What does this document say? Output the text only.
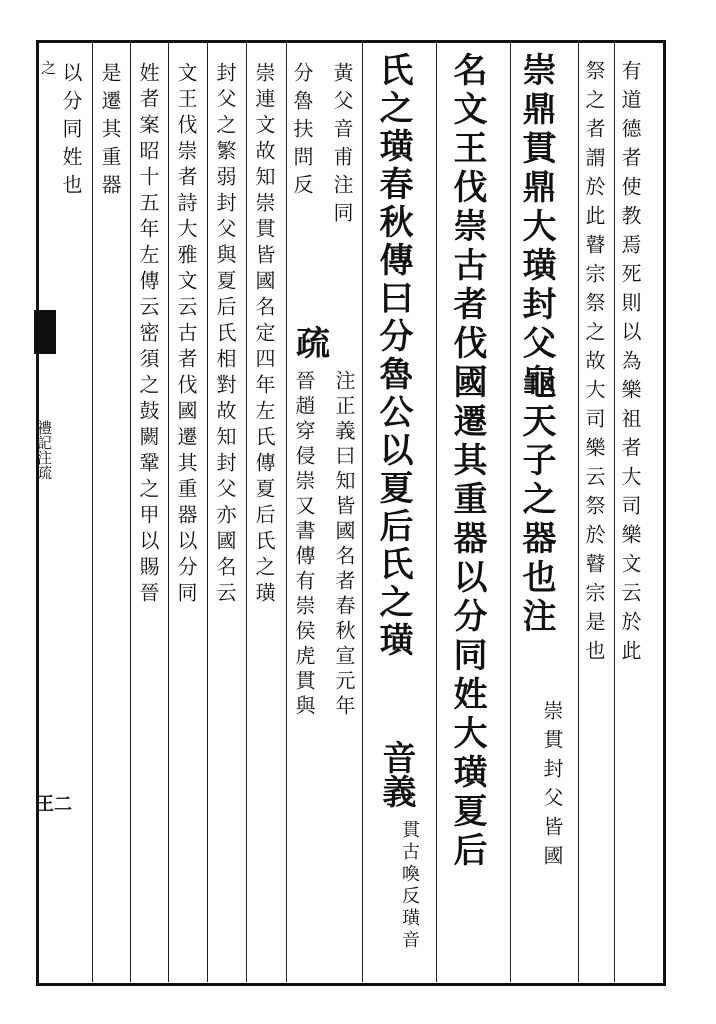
之
禮記注疏
王二
有道德者使教焉死則以為樂祖者大司樂文云於此
祭之者謂於此瞽宗祭之故大司樂云祭於瞽宗是也
崇鼎貫鼎大璜封父龜天子之器也注
崇貫封父皆國
名文王伐崇古者伐國遷其重器以分同姓大璜夏后
氏之璜春秋傳曰分魯公以夏后氏之璜
音義
貫古喚反璜音
黃父音甫注同
分魯扶問反
疏
注正義曰知皆國名者春秋宣元年
晉趙穿侵崇又書傳有崇侯虎貫與
崇連文故知崇貫皆國名定四年左氏傳夏后氏之璜
封父之繁弱封父與夏后氏相對故知封父亦國名云
文王伐崇者詩大雅文云古者伐國遷其重器以分同
姓者案昭十五年左傳云密須之鼓闕鞏之甲以賜晉
是遷其重器
以分同姓也
